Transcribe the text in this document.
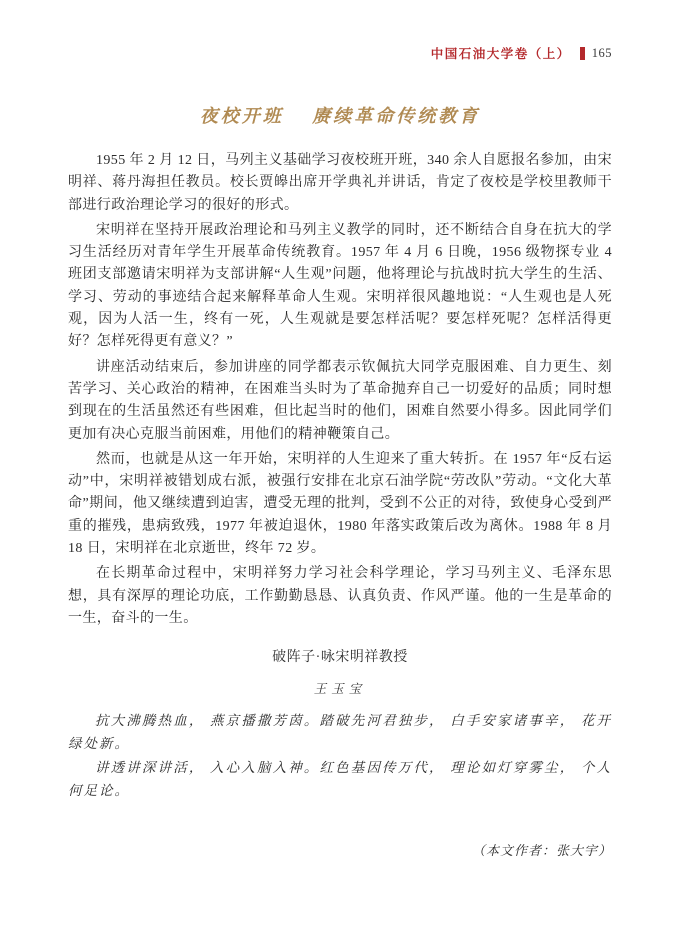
中国石油大学卷（上） 165
夜校开班　 赓续革命传统教育

1955 年 2 月 12 日，马列主义基础学习夜校班开班，340 余人自愿报名参加，由宋明祥、蒋丹海担任教员。校长贾皞出席开学典礼并讲话，肯定了夜校是学校里教师干部进行政治理论学习的很好的形式。

宋明祥在坚持开展政治理论和马列主义教学的同时，还不断结合自身在抗大的学习生活经历对青年学生开展革命传统教育。1957 年 4 月 6 日晚，1956 级物探专业 4 班团支部邀请宋明祥为支部讲解“人生观”问题，他将理论与抗战时抗大学生的生活、学习、劳动的事迹结合起来解释革命人生观。宋明祥很风趣地说：“人生观也是人死观，因为人活一生，终有一死，人生观就是要怎样活呢？要怎样死呢？怎样活得更好？怎样死得更有意义？”

讲座活动结束后，参加讲座的同学都表示钦佩抗大同学克服困难、自力更生、刻苦学习、关心政治的精神，在困难当头时为了革命抛弃自己一切爱好的品质；同时想到现在的生活虽然还有些困难，但比起当时的他们，困难自然要小得多。因此同学们更加有决心克服当前困难，用他们的精神鞭策自己。

然而，也就是从这一年开始，宋明祥的人生迎来了重大转折。在 1957 年“反右运动”中，宋明祥被错划成右派，被强行安排在北京石油学院“劳改队”劳动。“文化大革命”期间，他又继续遭到迫害，遭受无理的批判，受到不公正的对待，致使身心受到严重的摧残，患病致残，1977 年被迫退休，1980 年落实政策后改为离休。1988 年 8 月 18 日，宋明祥在北京逝世，终年 72 岁。

在长期革命过程中，宋明祥努力学习社会科学理论，学习马列主义、毛泽东思想，具有深厚的理论功底，工作勤勤恳恳、认真负责、作风严谨。他的一生是革命的一生，奋斗的一生。

破阵子·咏宋明祥教授
王玉宝

抗大沸腾热血， 燕京播撒芳茵。踏破先河君独步， 白手安家诸事辛， 花开绿处新。

讲透讲深讲活， 入心入脑入神。红色基因传万代， 理论如灯穿雾尘， 个人何足论。

（本文作者：张大宇）
